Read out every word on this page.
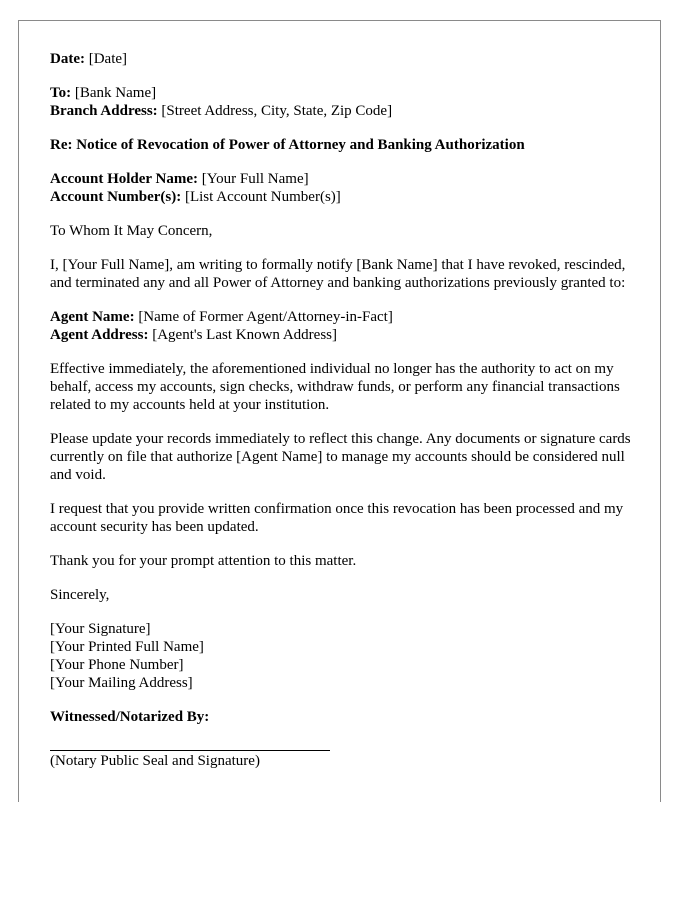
Date: [Date]
To: [Bank Name]
Branch Address: [Street Address, City, State, Zip Code]
Re: Notice of Revocation of Power of Attorney and Banking Authorization
Account Holder Name: [Your Full Name]
Account Number(s): [List Account Number(s)]
To Whom It May Concern,
I, [Your Full Name], am writing to formally notify [Bank Name] that I have revoked, rescinded, and terminated any and all Power of Attorney and banking authorizations previously granted to:
Agent Name: [Name of Former Agent/Attorney-in-Fact]
Agent Address: [Agent's Last Known Address]
Effective immediately, the aforementioned individual no longer has the authority to act on my behalf, access my accounts, sign checks, withdraw funds, or perform any financial transactions related to my accounts held at your institution.
Please update your records immediately to reflect this change. Any documents or signature cards currently on file that authorize [Agent Name] to manage my accounts should be considered null and void.
I request that you provide written confirmation once this revocation has been processed and my account security has been updated.
Thank you for your prompt attention to this matter.
Sincerely,
[Your Signature]
[Your Printed Full Name]
[Your Phone Number]
[Your Mailing Address]
Witnessed/Notarized By:
(Notary Public Seal and Signature)
